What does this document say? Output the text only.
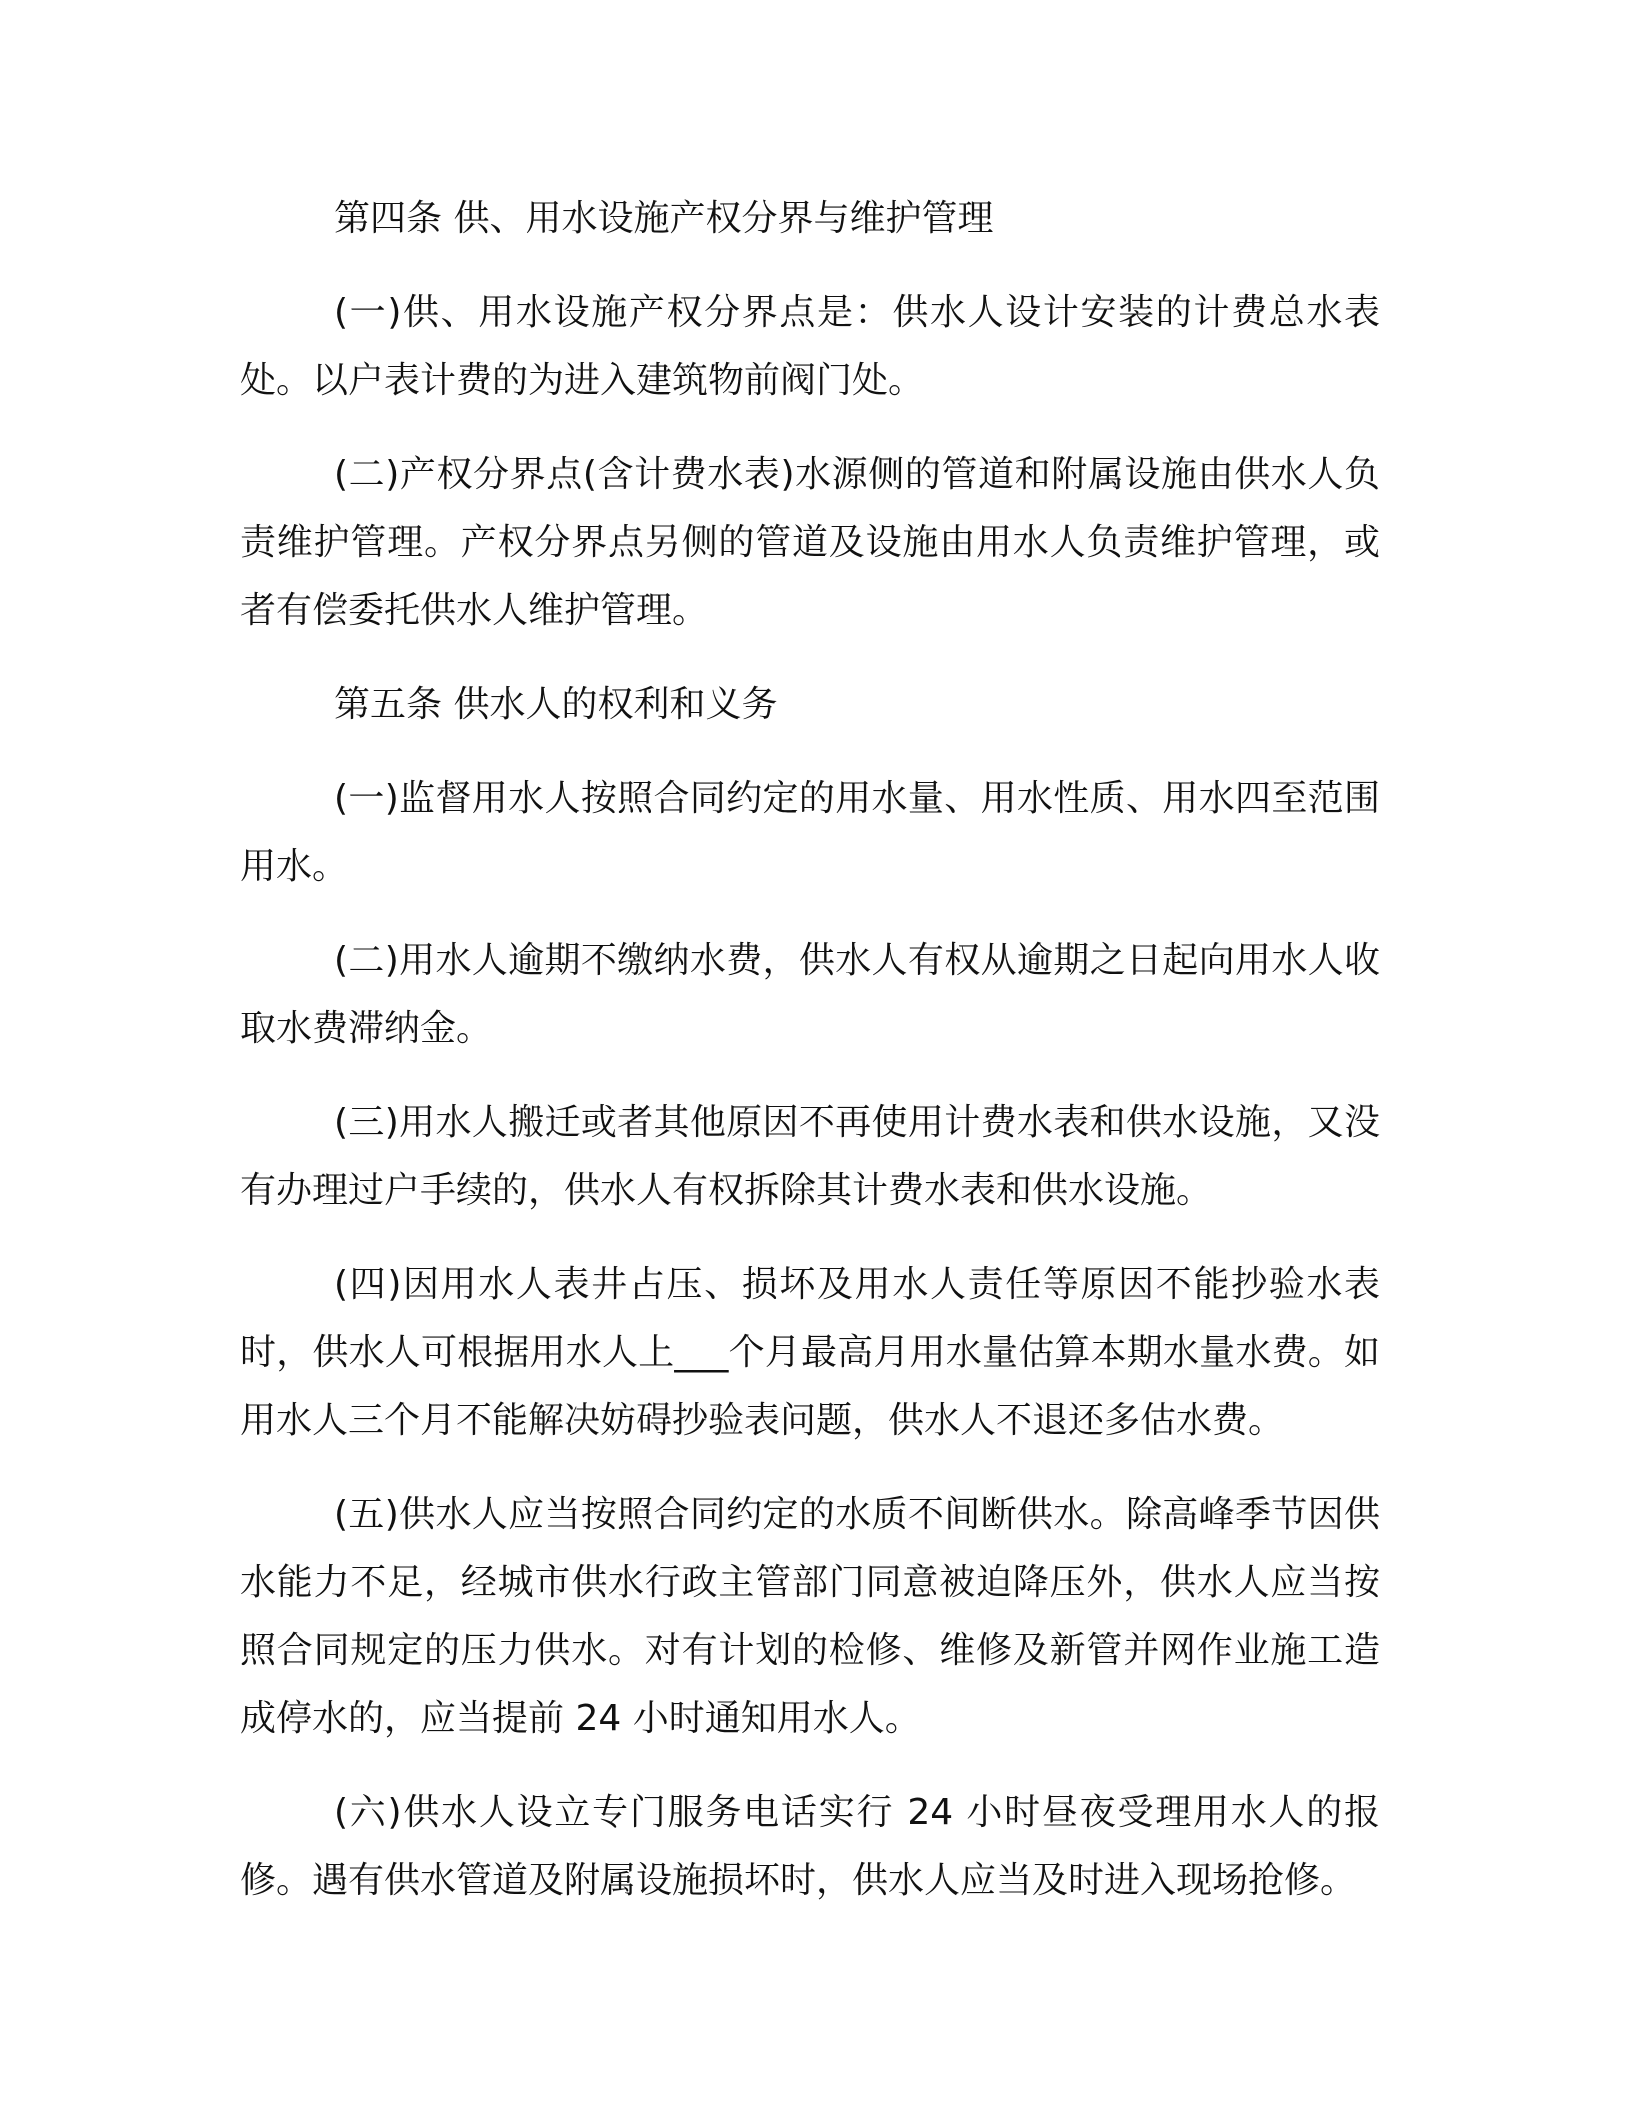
第四条 供、用水设施产权分界与维护管理

(一)供、用水设施产权分界点是：供水人设计安装的计费总水表处。以户表计费的为进入建筑物前阀门处。

(二)产权分界点(含计费水表)水源侧的管道和附属设施由供水人负责维护管理。产权分界点另侧的管道及设施由用水人负责维护管理，或者有偿委托供水人维护管理。

第五条 供水人的权利和义务

(一)监督用水人按照合同约定的用水量、用水性质、用水四至范围用水。

(二)用水人逾期不缴纳水费，供水人有权从逾期之日起向用水人收取水费滞纳金。

(三)用水人搬迁或者其他原因不再使用计费水表和供水设施，又没有办理过户手续的，供水人有权拆除其计费水表和供水设施。

(四)因用水人表井占压、损坏及用水人责任等原因不能抄验水表时，供水人可根据用水人上___个月最高月用水量估算本期水量水费。如用水人三个月不能解决妨碍抄验表问题，供水人不退还多估水费。

(五)供水人应当按照合同约定的水质不间断供水。除高峰季节因供水能力不足，经城市供水行政主管部门同意被迫降压外，供水人应当按照合同规定的压力供水。对有计划的检修、维修及新管并网作业施工造成停水的，应当提前 24 小时通知用水人。

(六)供水人设立专门服务电话实行 24 小时昼夜受理用水人的报修。遇有供水管道及附属设施损坏时，供水人应当及时进入现场抢修。
